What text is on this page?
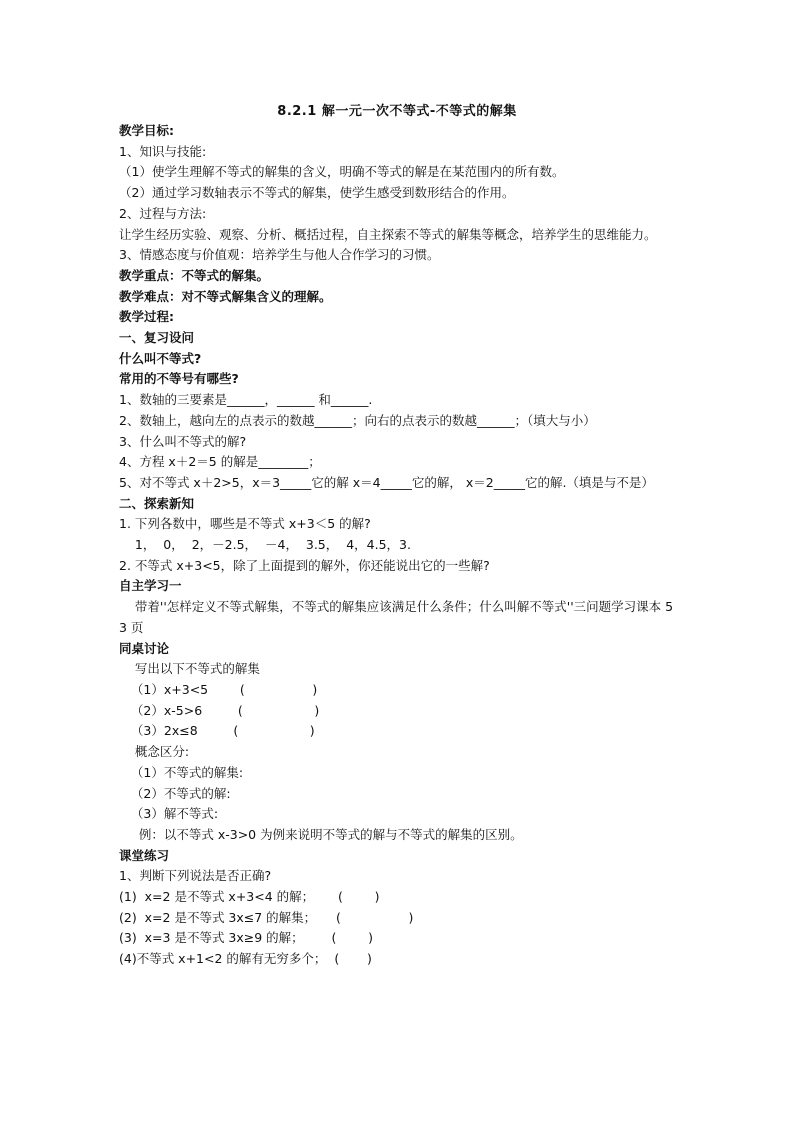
8.2.1 解一元一次不等式-不等式的解集

教学目标:

1、知识与技能:

（1）使学生理解不等式的解集的含义，明确不等式的解是在某范围内的所有数。

（2）通过学习数轴表示不等式的解集，使学生感受到数形结合的作用。

2、过程与方法:

让学生经历实验、观察、分析、概括过程，自主探索不等式的解集等概念，培养学生的思维能力。

3、情感态度与价值观：培养学生与他人合作学习的习惯。

教学重点：不等式的解集。

教学难点：对不等式解集含义的理解。

教学过程:

一、复习设问

什么叫不等式?

常用的不等号有哪些?

1、数轴的三要素是______，______ 和______.

2、数轴上，越向左的点表示的数越______；向右的点表示的数越______；（填大与小）

3、什么叫不等式的解?

4、方程 x＋2＝5 的解是________；

5、对不等式 x＋2>5，x＝3_____它的解 x＝4_____它的解， x＝2_____它的解.（填是与不是）

二、探索新知

1. 下列各数中，哪些是不等式 x+3＜5 的解?

1，  0，  2，－2.5，  －4，  3.5，  4，4.5，3.

2. 不等式 x+3<5，除了上面提到的解外，你还能说出它的一些解?

自主学习一

带着''怎样定义不等式解集，不等式的解集应该满足什么条件；什么叫解不等式''三问题学习课本 53 页

同桌讨论

写出以下不等式的解集

（1）x+3<5        (                 )

（2）x-5>6         (                  )

（3）2x≤8         (                  )

概念区分:

（1）不等式的解集:

（2）不等式的解:

（3）解不等式:

例：以不等式 x-3>0 为例来说明不等式的解与不等式的解集的区别。

课堂练习

1、判断下列说法是否正确?

(1)  x=2 是不等式 x+3<4 的解；      (        )

(2)  x=2 是不等式 3x≤7 的解集；     (                 )

(3)  x=3 是不等式 3x≥9 的解；       (        )

(4)不等式 x+1<2 的解有无穷多个；  (       )
